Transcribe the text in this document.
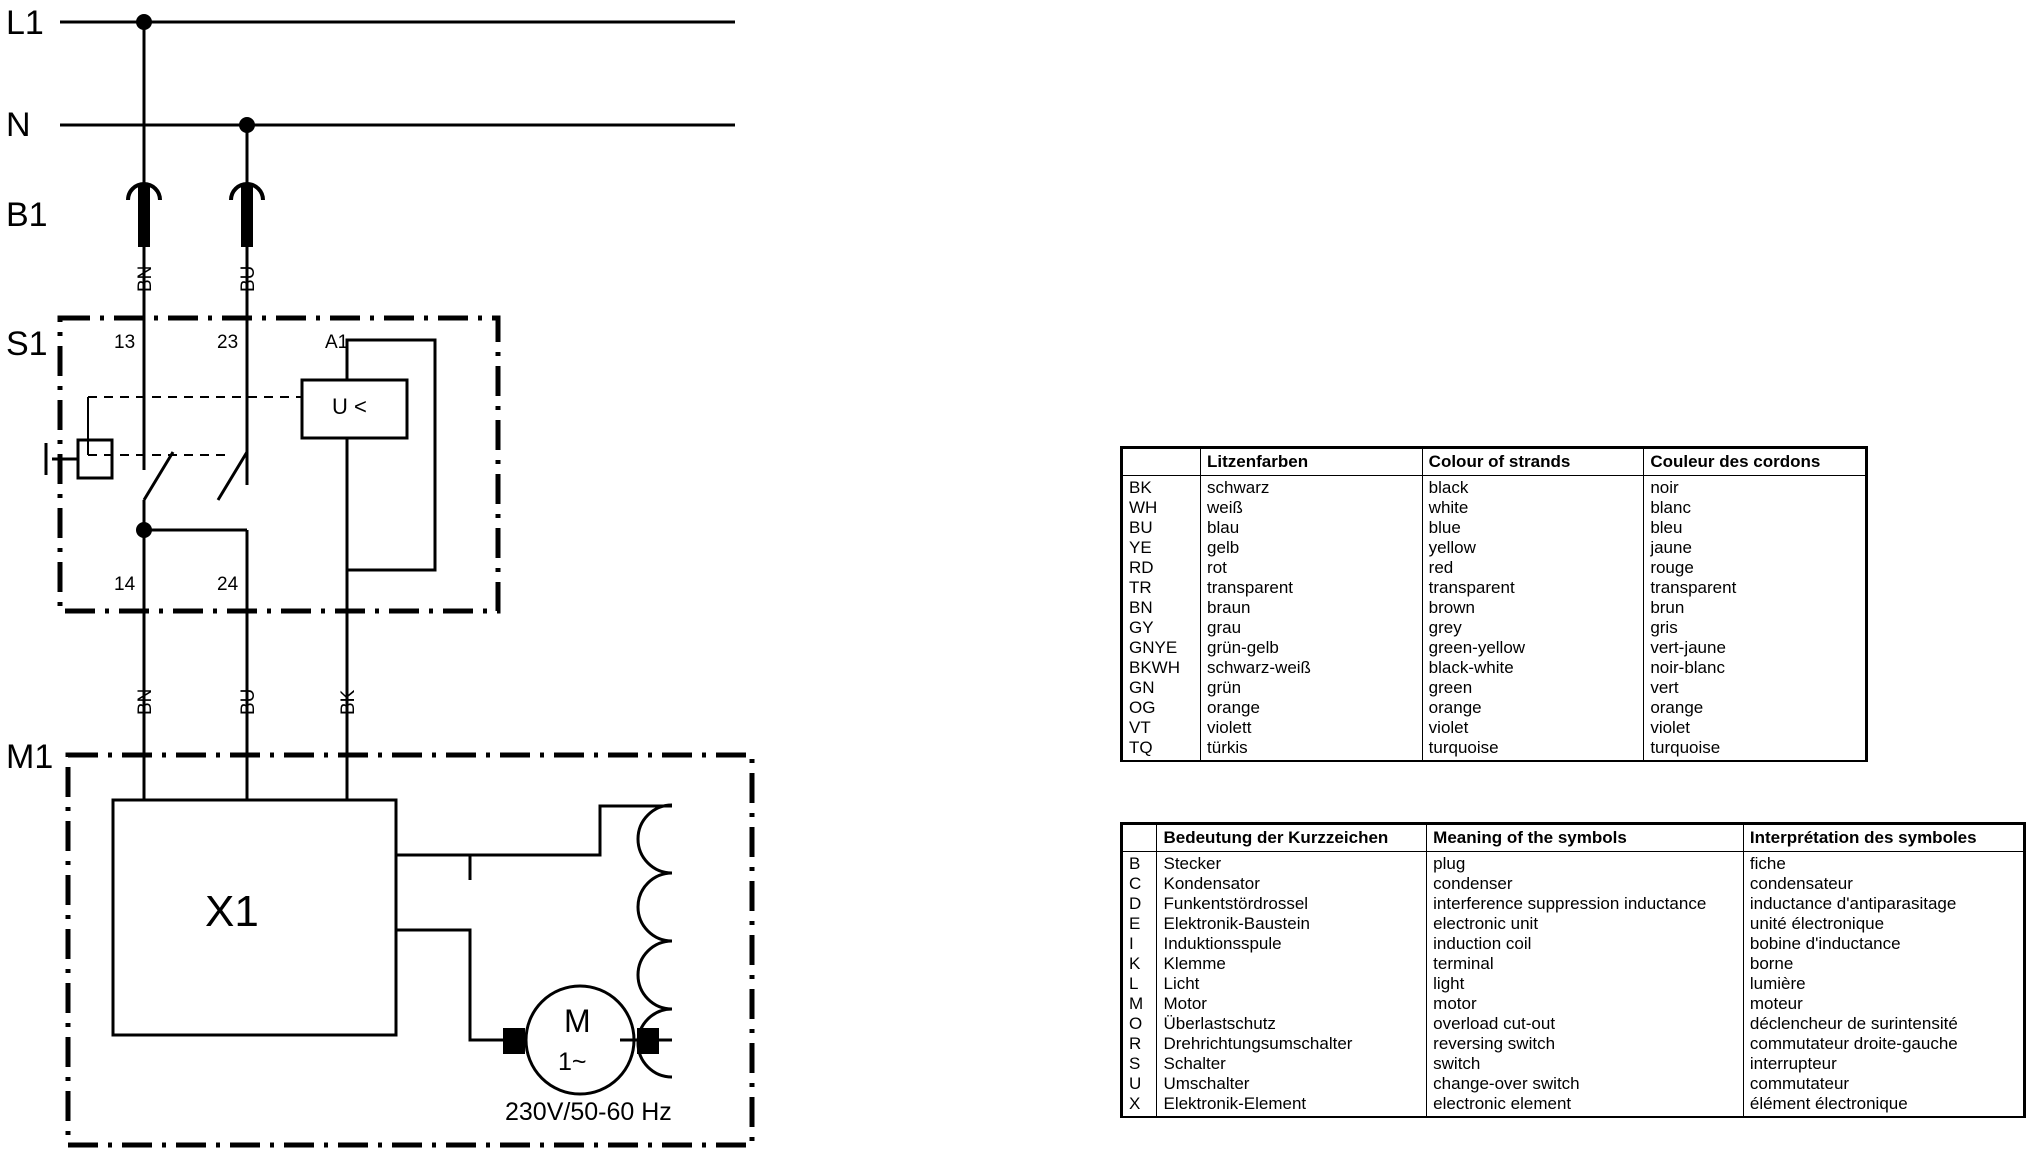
L1
N
B1
S1
M1
13	23
14	24
A1
U <
BN	BU
BN	BU	BK
X1
M
1~
230V/50-60 Hz
	Litzenfarben	Colour of strands	Couleur des cordons
BK	schwarz	black	noir
WH	weiß	white	blanc
BU	blau	blue	bleu
YE	gelb	yellow	jaune
RD	rot	red	rouge
TR	transparent	transparent	transparent
BN	braun	brown	brun
GY	grau	grey	gris
GNYE	grün-gelb	green-yellow	vert-jaune
BKWH	schwarz-weiß	black-white	noir-blanc
GN	grün	green	vert
OG	orange	orange	orange
VT	violett	violet	violet
TQ	türkis	turquoise	turquoise
	Bedeutung der Kurzzeichen	Meaning of the symbols	Interprétation des symboles
B	Stecker	plug	fiche
C	Kondensator	condenser	condensateur
D	Funkentstördrossel	interference suppression inductance	inductance d'antiparasitage
E	Elektronik-Baustein	electronic unit	unité électronique
I	Induktionsspule	induction coil	bobine d'inductance
K	Klemme	terminal	borne
L	Licht	light	lumière
M	Motor	motor	moteur
O	Überlastschutz	overload cut-out	déclencheur de surintensité
R	Drehrichtungsumschalter	reversing switch	commutateur droite-gauche
S	Schalter	switch	interrupteur
U	Umschalter	change-over switch	commutateur
X	Elektronik-Element	electronic element	élément électronique
